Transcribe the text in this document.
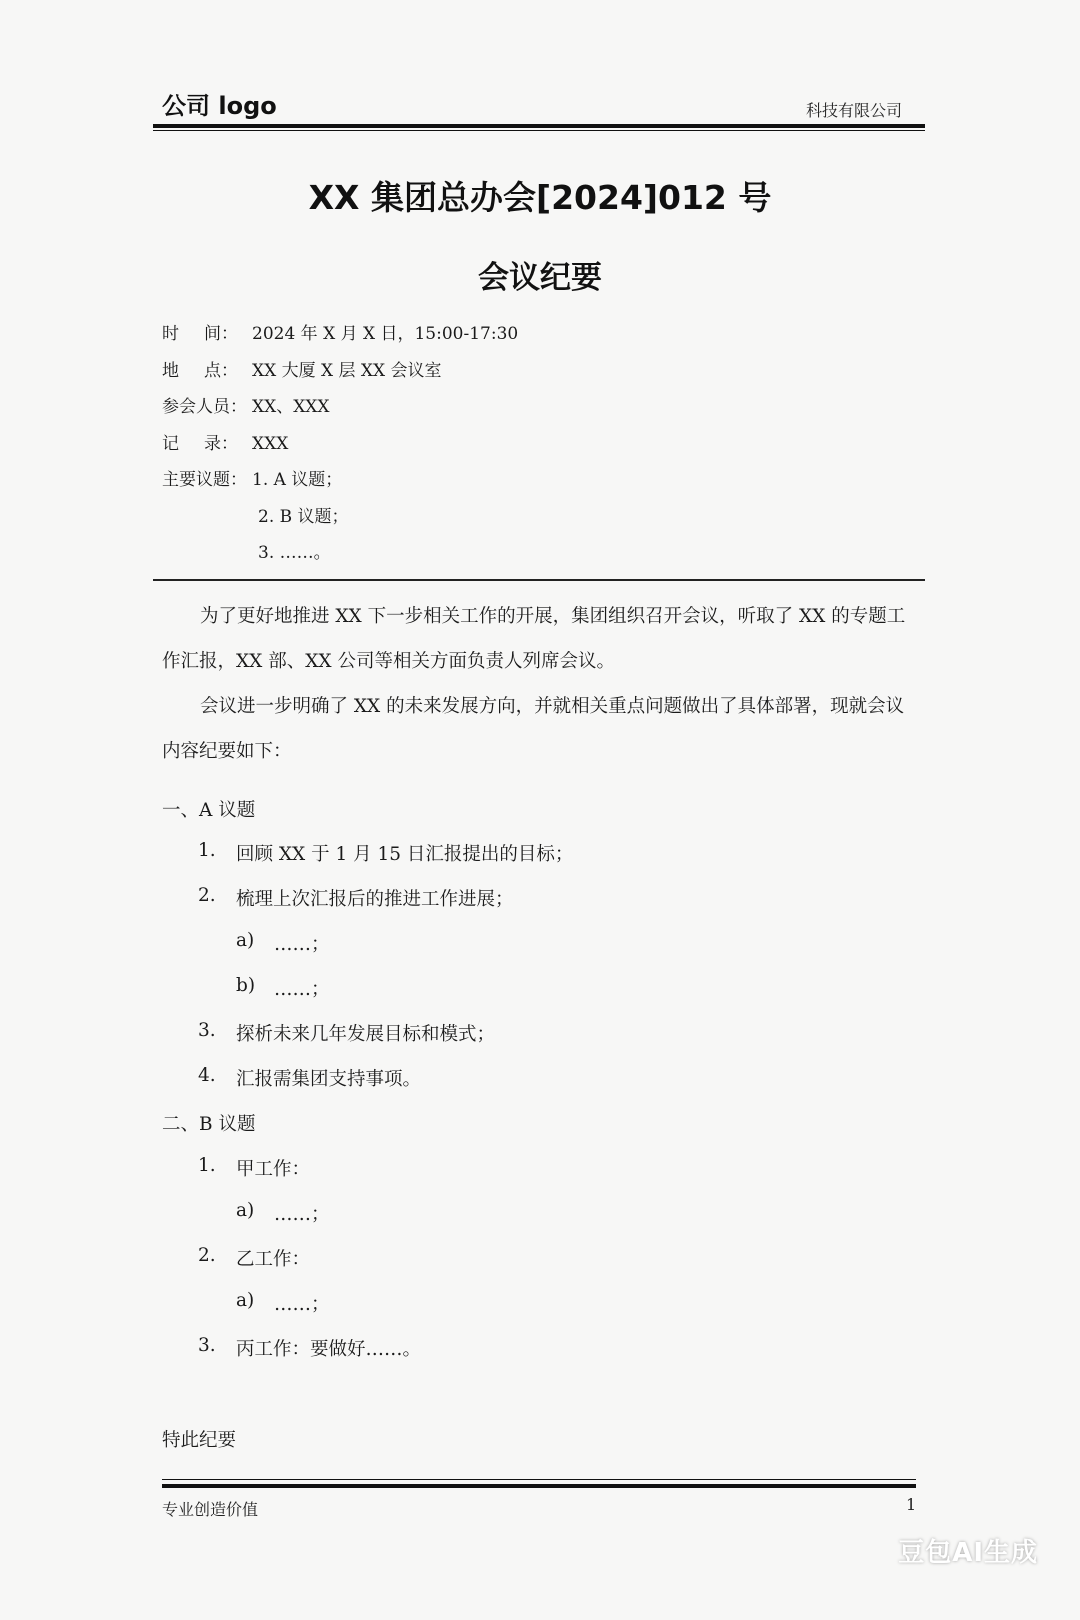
公司 logo	科技有限公司
XX 集团总办会[2024]012 号
会议纪要
时 间： 2024 年 X 月 X 日，15:00-17:30
地 点： XX 大厦 X 层 XX 会议室
参会人员： XX、XXX
记 录： XXX
主要议题： 1. A 议题；
2. B 议题；
3. ……。

为了更好地推进 XX 下一步相关工作的开展，集团组织召开会议，听取了 XX 的专题工

作汇报，XX 部、XX 公司等相关方面负责人列席会议。

会议进一步明确了 XX 的未来发展方向，并就相关重点问题做出了具体部署，现就会议

内容纪要如下：

一、A 议题
1. 回顾 XX 于 1 月 15 日汇报提出的目标；
2. 梳理上次汇报后的推进工作进展；
a) ……；
b) ……；
3. 探析未来几年发展目标和模式；
4. 汇报需集团支持事项。
二、B 议题
1. 甲工作：
a) ……；
2. 乙工作：
a) ……；
3. 丙工作：要做好……。
特此纪要
专业创造价值	1
豆包AI生成
